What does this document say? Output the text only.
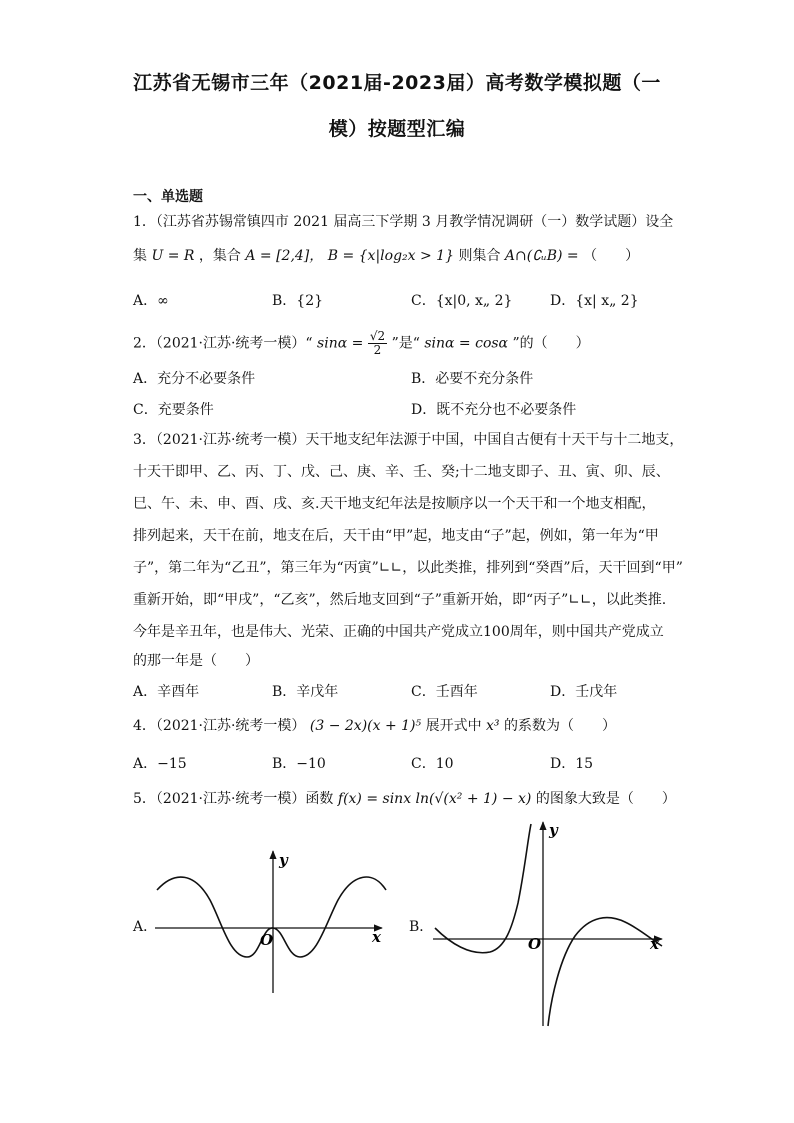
江苏省无锡市三年（2021届-2023届）高考数学模拟题（一
模）按题型汇编
一、单选题
1．（江苏省苏锡常镇四市 2021 届高三下学期 3 月教学情况调研（一）数学试题）设全
集 U = R ，集合 A = [2,4]， B = {x|log₂x > 1} 则集合 A∩(∁ᵤB) = （　　）
A．∞	B．{2}	C．{x|0, x„ 2}	D．{x| x„ 2}
2．（2021·江苏·统考一模）“ $\sin\alpha = \frac{√2}{2}$ ”是“ sinα = cosα ”的（　　）
A．充分不必要条件	B．必要不充分条件
C．充要条件	D．既不充分也不必要条件
3．（2021·江苏·统考一模）天干地支纪年法源于中国，中国自古便有十天干与十二地支，
十天干即甲、乙、丙、丁、戊、己、庚、辛、壬、癸;十二地支即子、丑、寅、卯、辰、
巳、午、未、申、酉、戌、亥.天干地支纪年法是按顺序以一个天干和一个地支相配，
排列起来，天干在前，地支在后，天干由“甲”起，地支由“子”起，例如，第一年为“甲
子”，第二年为“乙丑”，第三年为“丙寅”∟∟，以此类推，排列到“癸酉”后，天干回到“甲”
重新开始，即“甲戌”，“乙亥”，然后地支回到“子”重新开始，即“丙子”∟∟，以此类推.
今年是辛丑年，也是伟大、光荣、正确的中国共产党成立100周年，则中国共产党成立
的那一年是（　　）
A．辛酉年	B．辛戊年	C．壬酉年	D．壬戊年
4．（2021·江苏·统考一模） (3 − 2x)(x + 1)⁵ 展开式中 x³ 的系数为（　　）
A．−15	B．−10	C．10	D．15
5．（2021·江苏·统考一模）函数 f(x) = sinx ln(√(x² + 1) − x) 的图象大致是（　　）
A．
y
x
O
B．
y
x
O
